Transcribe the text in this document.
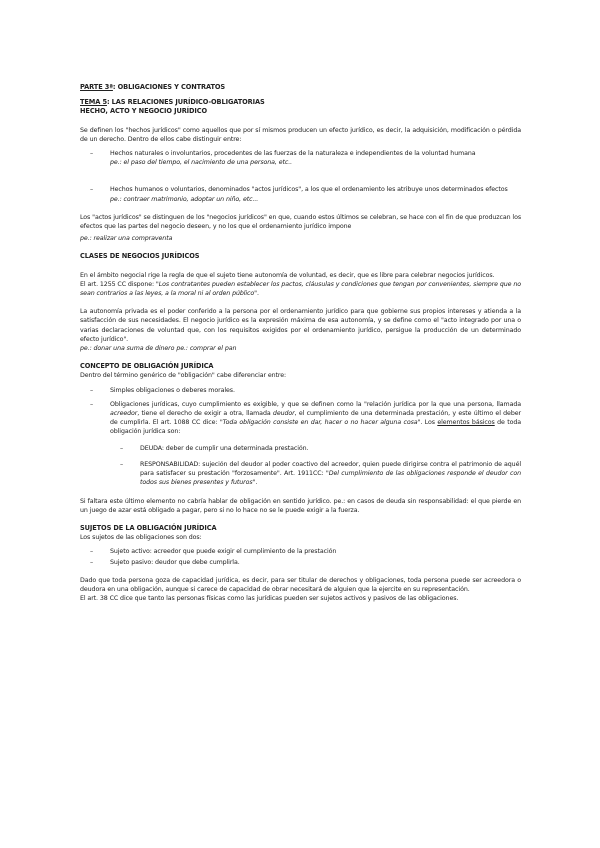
PARTE 3ª: OBLIGACIONES Y CONTRATOS

TEMA 5: LAS RELACIONES JURÍDICO-OBLIGATORIAS

HECHO, ACTO Y NEGOCIO JURÍDICO

Se definen los "hechos jurídicos" como aquellos que por sí mismos producen un efecto jurídico, es decir, la adquisición, modificación o pérdida de un derecho. Dentro de ellos cabe distinguir entre:

– Hechos naturales o involuntarios, procedentes de las fuerzas de la naturaleza e independientes de la voluntad humana
pe.: el paso del tiempo, el nacimiento de una persona, etc..
– Hechos humanos o voluntarios, denominados "actos jurídicos", a los que el ordenamiento les atribuye unos determinados efectos
pe.: contraer matrimonio, adoptar un niño, etc...

Los "actos jurídicos" se distinguen de los "negocios jurídicos" en que, cuando estos últimos se celebran, se hace con el fin de que produzcan los efectos que las partes del negocio deseen, y no los que el ordenamiento jurídico impone

pe.: realizar una compraventa

CLASES DE NEGOCIOS JURÍDICOS

En el ámbito negocial rige la regla de que el sujeto tiene autonomía de voluntad, es decir, que es libre para celebrar negocios jurídicos.

El art. 1255 CC dispone: "Los contratantes pueden establecer los pactos, cláusulas y condiciones que tengan por convenientes, siempre que no sean contrarios a las leyes, a la moral ni al orden público".

La autonomía privada es el poder conferido a la persona por el ordenamiento jurídico para que gobierne sus propios intereses y atienda a la satisfacción de sus necesidades. El negocio jurídico es la expresión máxima de esa autonomía, y se define como el "acto integrado por una o varias declaraciones de voluntad que, con los requisitos exigidos por el ordenamiento jurídico, persigue la producción de un determinado efecto jurídico".

pe.: donar una suma de dinero pe.: comprar el pan

CONCEPTO DE OBLIGACIÓN JURÍDICA

Dentro del término genérico de "obligación" cabe diferenciar entre:

– Simples obligaciones o deberes morales.
– Obligaciones jurídicas, cuyo cumplimiento es exigible, y que se definen como la "relación jurídica por la que una persona, llamada acreedor, tiene el derecho de exigir a otra, llamada deudor, el cumplimiento de una determinada prestación, y este último el deber de cumplirla. El art. 1088 CC dice: "Toda obligación consiste en dar, hacer o no hacer alguna cosa". Los elementos básicos de toda obligación jurídica son:
– DEUDA: deber de cumplir una determinada prestación.
– RESPONSABILIDAD: sujeción del deudor al poder coactivo del acreedor, quien puede dirigirse contra el patrimonio de aquél para satisfacer su prestación "forzosamente". Art. 1911CC: "Del cumplimiento de las obligaciones responde el deudor con todos sus bienes presentes y futuros".

Si faltara este último elemento no cabría hablar de obligación en sentido jurídico. pe.: en casos de deuda sin responsabilidad: el que pierde en un juego de azar está obligado a pagar, pero si no lo hace no se le puede exigir a la fuerza.

SUJETOS DE LA OBLIGACIÓN JURÍDICA

Los sujetos de las obligaciones son dos:

– Sujeto activo: acreedor que puede exigir el cumplimiento de la prestación
– Sujeto pasivo: deudor que debe cumplirla.

Dado que toda persona goza de capacidad jurídica, es decir, para ser titular de derechos y obligaciones, toda persona puede ser acreedora o deudora en una obligación, aunque si carece de capacidad de obrar necesitará de alguien que la ejercite en su representación.

El art. 38 CC dice que tanto las personas físicas como las jurídicas pueden ser sujetos activos y pasivos de las obligaciones.
